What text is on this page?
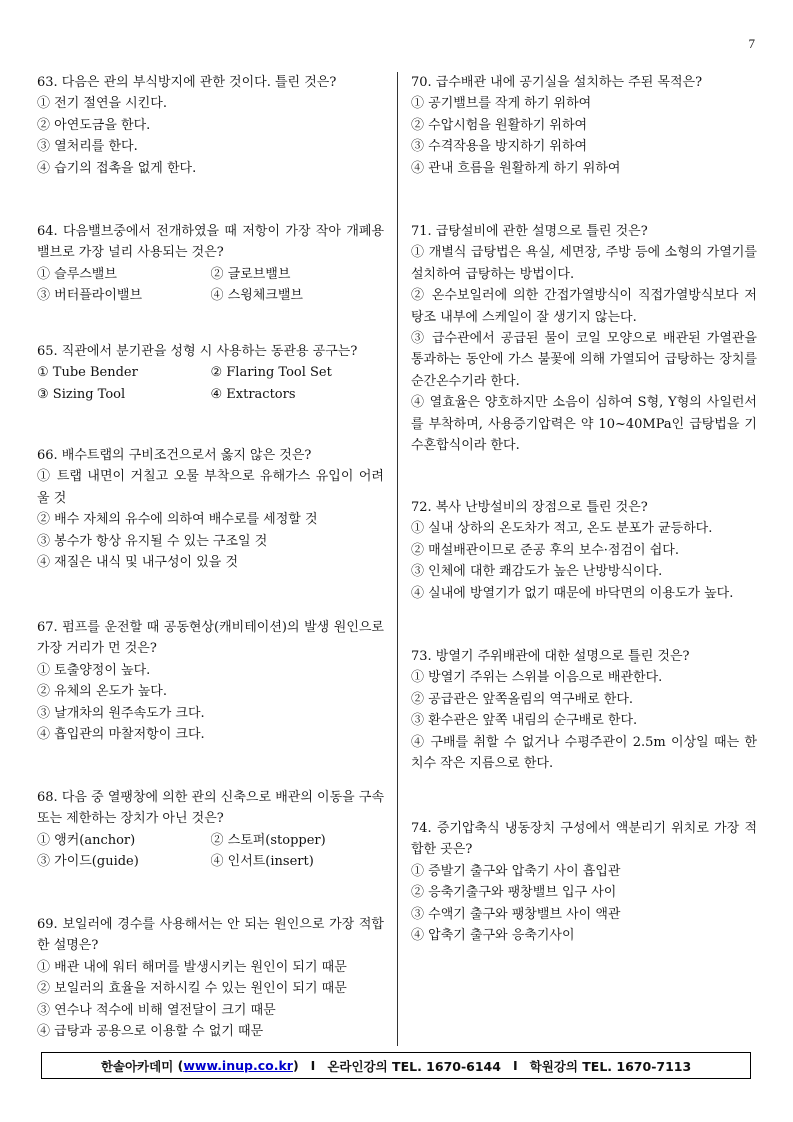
7

63. 다음은 관의 부식방지에 관한 것이다. 틀린 것은?

① 전기 절연을 시킨다.
② 아연도금을 한다.
③ 열처리를 한다.
④ 습기의 접촉을 없게 한다.

64. 다음밸브중에서 전개하였을 때 저항이 가장 작아 개폐용밸브로 가장 널리 사용되는 것은?

① 슬루스밸브	② 글로브밸브
③ 버터플라이밸브	④ 스윙체크밸브

65. 직관에서 분기관을 성형 시 사용하는 동관용 공구는?

① Tube Bender	② Flaring Tool Set
③ Sizing Tool	④ Extractors

66. 배수트랩의 구비조건으로서 옳지 않은 것은?

① 트랩 내면이 거칠고 오물 부착으로 유해가스 유입이 어려울 것

② 배수 자체의 유수에 의하여 배수로를 세정할 것
③ 봉수가 항상 유지될 수 있는 구조일 것
④ 재질은 내식 및 내구성이 있을 것

67. 펌프를 운전할 때 공동현상(캐비테이션)의 발생 원인으로 가장 거리가 먼 것은?

① 토출양정이 높다.
② 유체의 온도가 높다.
③ 날개차의 원주속도가 크다.
④ 흡입관의 마찰저항이 크다.

68. 다음 중 열팽창에 의한 관의 신축으로 배관의 이동을 구속 또는 제한하는 장치가 아닌 것은?

① 앵커(anchor)	② 스토퍼(stopper)
③ 가이드(guide)	④ 인서트(insert)

69. 보일러에 경수를 사용해서는 안 되는 원인으로 가장 적합한 설명은?

① 배관 내에 워터 해머를 발생시키는 원인이 되기 때문
② 보일러의 효율을 저하시킬 수 있는 원인이 되기 때문
③ 연수나 적수에 비해 열전달이 크기 때문
④ 급탕과 공용으로 이용할 수 없기 때문

70. 급수배관 내에 공기실을 설치하는 주된 목적은?

① 공기밸브를 작게 하기 위하여
② 수압시험을 원활하기 위하여
③ 수격작용을 방지하기 위하여
④ 관내 흐름을 원활하게 하기 위하여

71. 급탕설비에 관한 설명으로 틀린 것은?

① 개별식 급탕법은 욕실, 세면장, 주방 등에 소형의 가열기를 설치하여 급탕하는 방법이다.

② 온수보일러에 의한 간접가열방식이 직접가열방식보다 저탕조 내부에 스케일이 잘 생기지 않는다.

③ 급수관에서 공급된 물이 코일 모양으로 배관된 가열관을 통과하는 동안에 가스 불꽃에 의해 가열되어 급탕하는 장치를 순간온수기라 한다.

④ 열효율은 양호하지만 소음이 심하여 S형, Y형의 사일런서를 부착하며, 사용증기압력은 약 10~40MPa인 급탕법을 기수혼합식이라 한다.

72. 복사 난방설비의 장점으로 틀린 것은?

① 실내 상하의 온도차가 적고, 온도 분포가 균등하다.
② 매설배관이므로 준공 후의 보수·점검이 쉽다.
③ 인체에 대한 쾌감도가 높은 난방방식이다.
④ 실내에 방열기가 없기 때문에 바닥면의 이용도가 높다.

73. 방열기 주위배관에 대한 설명으로 틀린 것은?

① 방열기 주위는 스위블 이음으로 배관한다.
② 공급관은 앞쪽올림의 역구배로 한다.
③ 환수관은 앞쪽 내림의 순구배로 한다.

④ 구배를 취할 수 없거나 수평주관이 2.5m 이상일 때는 한 치수 작은 지름으로 한다.

74. 증기압축식 냉동장치 구성에서 액분리기 위치로 가장 적합한 곳은?

① 증발기 출구와 압축기 사이 흡입관
② 응축기출구와 팽창밸브 입구 사이
③ 수액기 출구와 팽창밸브 사이 액관
④ 압축기 출구와 응축기사이
한솔아카데미 ( www.inup.co.kr ) I 온라인강의 TEL. 1670-6144 I 학원강의 TEL. 1670-7113
